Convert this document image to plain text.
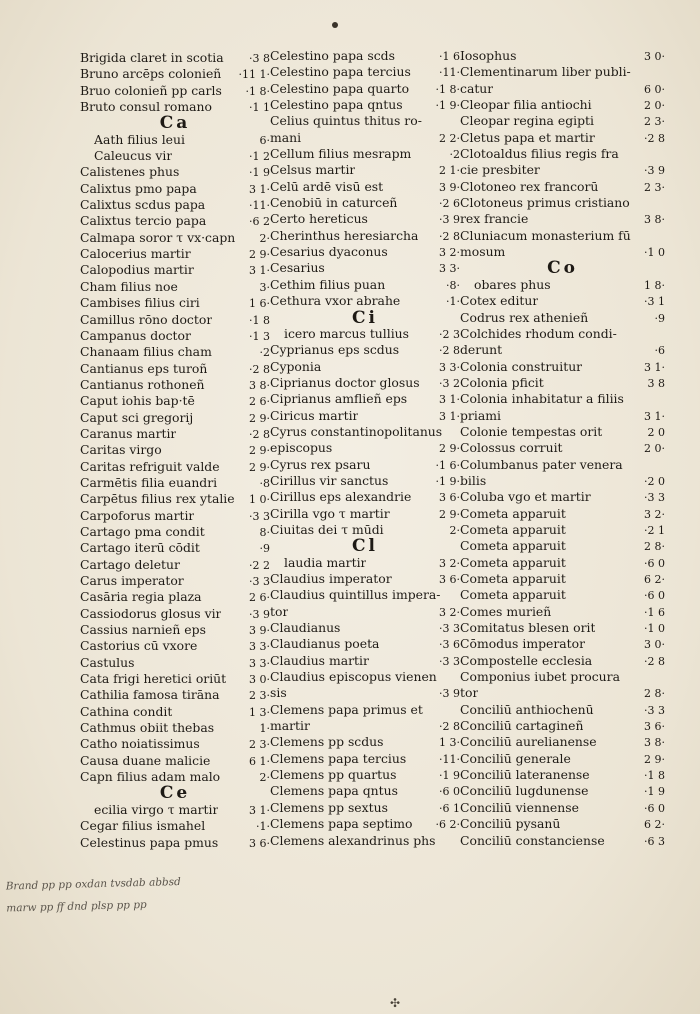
Brigida claret in scotia ·3 8
Bruno arcēps colonieñ ·11 1·
Bruo colonieñ pp carls ·1 8·
Bruto consul romano	·1 1
Ca
Aath filius leui	6·
Caleucus vir	·1 2
Calistenes phus	·1 9
Calixtus pmo papa	3 1·
Calixtus scdus papa	·11·
Calixtus tercio papa	·6 2
Calmapa soror τ vx·capn 2·
Calocerius martir	2 9·
Calopodius martir	3 1·
Cham filius noe	3·
Cambises filius ciri	1 6·
Camillus rōno doctor	·1 8
Campanus doctor	·1 3
Chanaam filius cham	·2
Cantianus eps turoñ	·2 8
Cantianus rothoneñ	3 8·
Caput iohis bap·tē	2 6·
Caput sci gregorij	2 9·
Caranus martir	·2 8
Caritas virgo	2 9·
Caritas refriguit valde	2 9·
Carmētis filia euandri	·8
Carpētus filius rex ytalie 1 0·
Carpoforus martir	·3 3
Cartago pma condit	8·
Cartago iterū cōdit	·9
Cartago deletur	·2 2
Carus imperator	·3 3
Casāria regia plaza	2 6·
Cassiodorus glosus vir	·3 9
Cassius narnieñ eps	3 9·
Castorius cū vxore	3 3·
Castulus	3 3·
Cata frigi heretici oriūt 3 0·
Cathilia famosa tirāna	2 3·
Cathina condit	1 3·
Cathmus obiit thebas	1·
Catho noiatissimus	2 3·
Causa duane malicie	6 1·
Capn filius adam malo	2·
Ce
ecilia virgo τ martir	3 1·
Cegar filius ismahel	·1·
Celestinus papa pmus	3 6·
Celestino papa scds	·1 6
Celestino papa tercius	·11·
Celestino papa quarto ·1 8·
Celestino papa qntus	·1 9·
Celius quintus thitus ro-
mani	2 2·
Cellum filius mesrapm	·2
Celsus martir	2 1·
Celū ardē visū est	3 9·
Cenobiū in caturceñ	·2 6
Certo hereticus	·3 9
Cherinthus heresiarcha ·2 8
Cesarius dyaconus	3 2·
Cesarius	3 3·
Cethim filius puan	·8·
Cethura vxor abrahe	·1·
Ci
icero marcus tullius	·2 3
Cyprianus eps scdus	·2 8
Cyponia	3 3·
Ciprianus doctor glosus ·3 2
Ciprianus amflieñ eps	3 1·
Ciricus martir	3 1·
Cyrus constantinopolitanus
episcopus	2 9·
Cyrus rex psaru	·1 6·
Cirillus vir sanctus	·1 9·
Cirillus eps alexandrie	3 6·
Cirilla vgo τ martir	2 9·
Ciuitas dei τ mūdi	2·
Cl
laudia martir	3 2·
Claudius imperator	3 6·
Claudius quintillus impera-
tor	3 2·
Claudianus	·3 3
Claudianus poeta	·3 6
Claudius martir	·3 3
Claudius episcopus vienen
sis	·3 9
Clemens papa primus et
martir	·2 8
Clemens pp scdus	1 3·
Clemens papa tercius	·11·
Clemens pp quartus	·1 9
Clemens papa qntus	·6 0
Clemens pp sextus	·6 1
Clemens papa septimo ·6 2·
Clemens alexandrinus phs
Iosophus	3 0·
Clementinarum liber publi-
catur	6 0·
Cleopar filia antiochi	2 0·
Cleopar regina egipti	2 3·
Cletus papa et martir	·2 8
Clotoaldus filius regis fra
cie presbiter	·3 9
Clotoneo rex francorū	2 3·
Clotoneus primus cristiano
rex francie	3 8·
Cluniacum monasterium fū
mosum	·1 0
Co
obares phus	1 8·
Cotex editur	·3 1
Codrus rex athenieñ	·9
Colchides rhodum condi-
derunt	·6
Colonia construitur	3 1·
Colonia pficit	3 8
Colonia inhabitatur a filiis
priami	3 1·
Colonie tempestas orit	2 0
Colossus corruit	2 0·
Columbanus pater venera
bilis	·2 0
Coluba vgo et martir	·3 3
Cometa apparuit	3 2·
Cometa apparuit	·2 1
Cometa apparuit	2 8·
Cometa apparuit	·6 0
Cometa apparuit	6 2·
Cometa apparuit	·6 0
Comes murieñ	·1 6
Comitatus blesen orit	·1 0
Cōmodus imperator	3 0·
Compostelle ecclesia	·2 8
Componius iubet procura
tor	2 8·
Conciliū anthiochenū	·3 3
Conciliū cartagineñ	3 6·
Conciliū aurelianense	3 8·
Conciliū generale	2 9·
Conciliū lateranense	·1 8
Conciliū lugdunense	·1 9
Conciliū viennense	·6 0
Conciliū pysanū	6 2·
Conciliū constanciense	·6 3
Brand pp pp oxdan tvsdab abbsd
marw pp ff dnd plsp pp pp
✣
